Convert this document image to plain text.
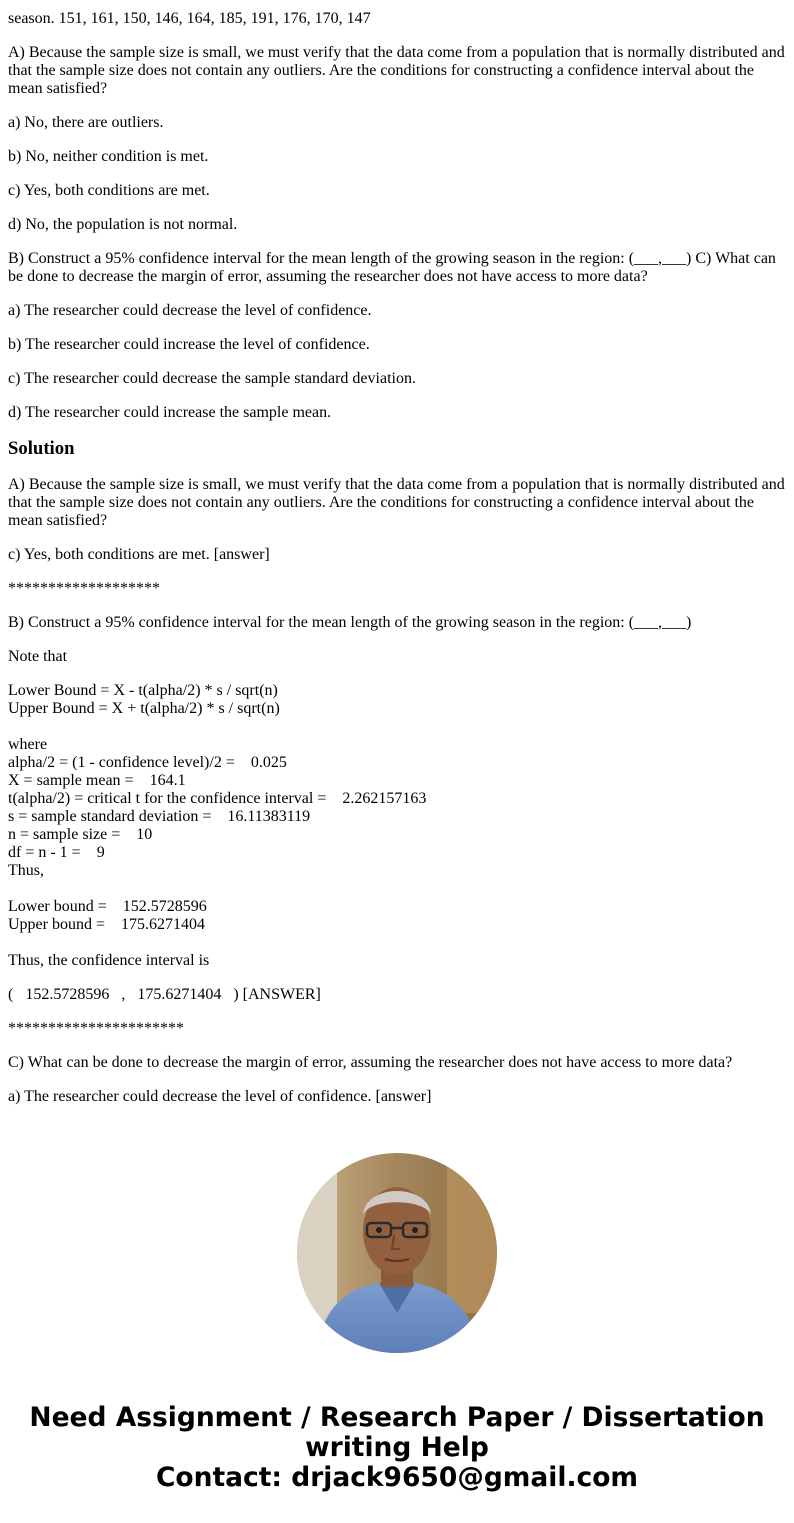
season. 151, 161, 150, 146, 164, 185, 191, 176, 170, 147

A) Because the sample size is small, we must verify that the data come from a population that is normally distributed and that the sample size does not contain any outliers. Are the conditions for constructing a confidence interval about the mean satisfied?

a) No, there are outliers.

b) No, neither condition is met.

c) Yes, both conditions are met.

d) No, the population is not normal.

B) Construct a 95% confidence interval for the mean length of the growing season in the region: (___,___) C) What can be done to decrease the margin of error, assuming the researcher does not have access to more data?

a) The researcher could decrease the level of confidence.

b) The researcher could increase the level of confidence.

c) The researcher could decrease the sample standard deviation.

d) The researcher could increase the sample mean.

Solution

A) Because the sample size is small, we must verify that the data come from a population that is normally distributed and that the sample size does not contain any outliers. Are the conditions for constructing a confidence interval about the mean satisfied?

c) Yes, both conditions are met. [answer]

*******************

B) Construct a 95% confidence interval for the mean length of the growing season in the region: (___,___)

Note that

Lower Bound = X - t(alpha/2) * s / sqrt(n)
Upper Bound = X + t(alpha/2) * s / sqrt(n)
where
alpha/2 = (1 - confidence level)/2 =    0.025
X = sample mean =    164.1
t(alpha/2) = critical t for the confidence interval =    2.262157163
s = sample standard deviation =    16.11383119
n = sample size =    10
df = n - 1 =    9
Thus,
Lower bound =    152.5728596
Upper bound =    175.6271404

Thus, the confidence interval is

(   152.5728596   ,   175.6271404   ) [ANSWER]

**********************

C) What can be done to decrease the margin of error, assuming the researcher does not have access to more data?

a) The researcher could decrease the level of confidence. [answer]

Need Assignment / Research Paper / Dissertation
writing Help
Contact: drjack9650@gmail.com
